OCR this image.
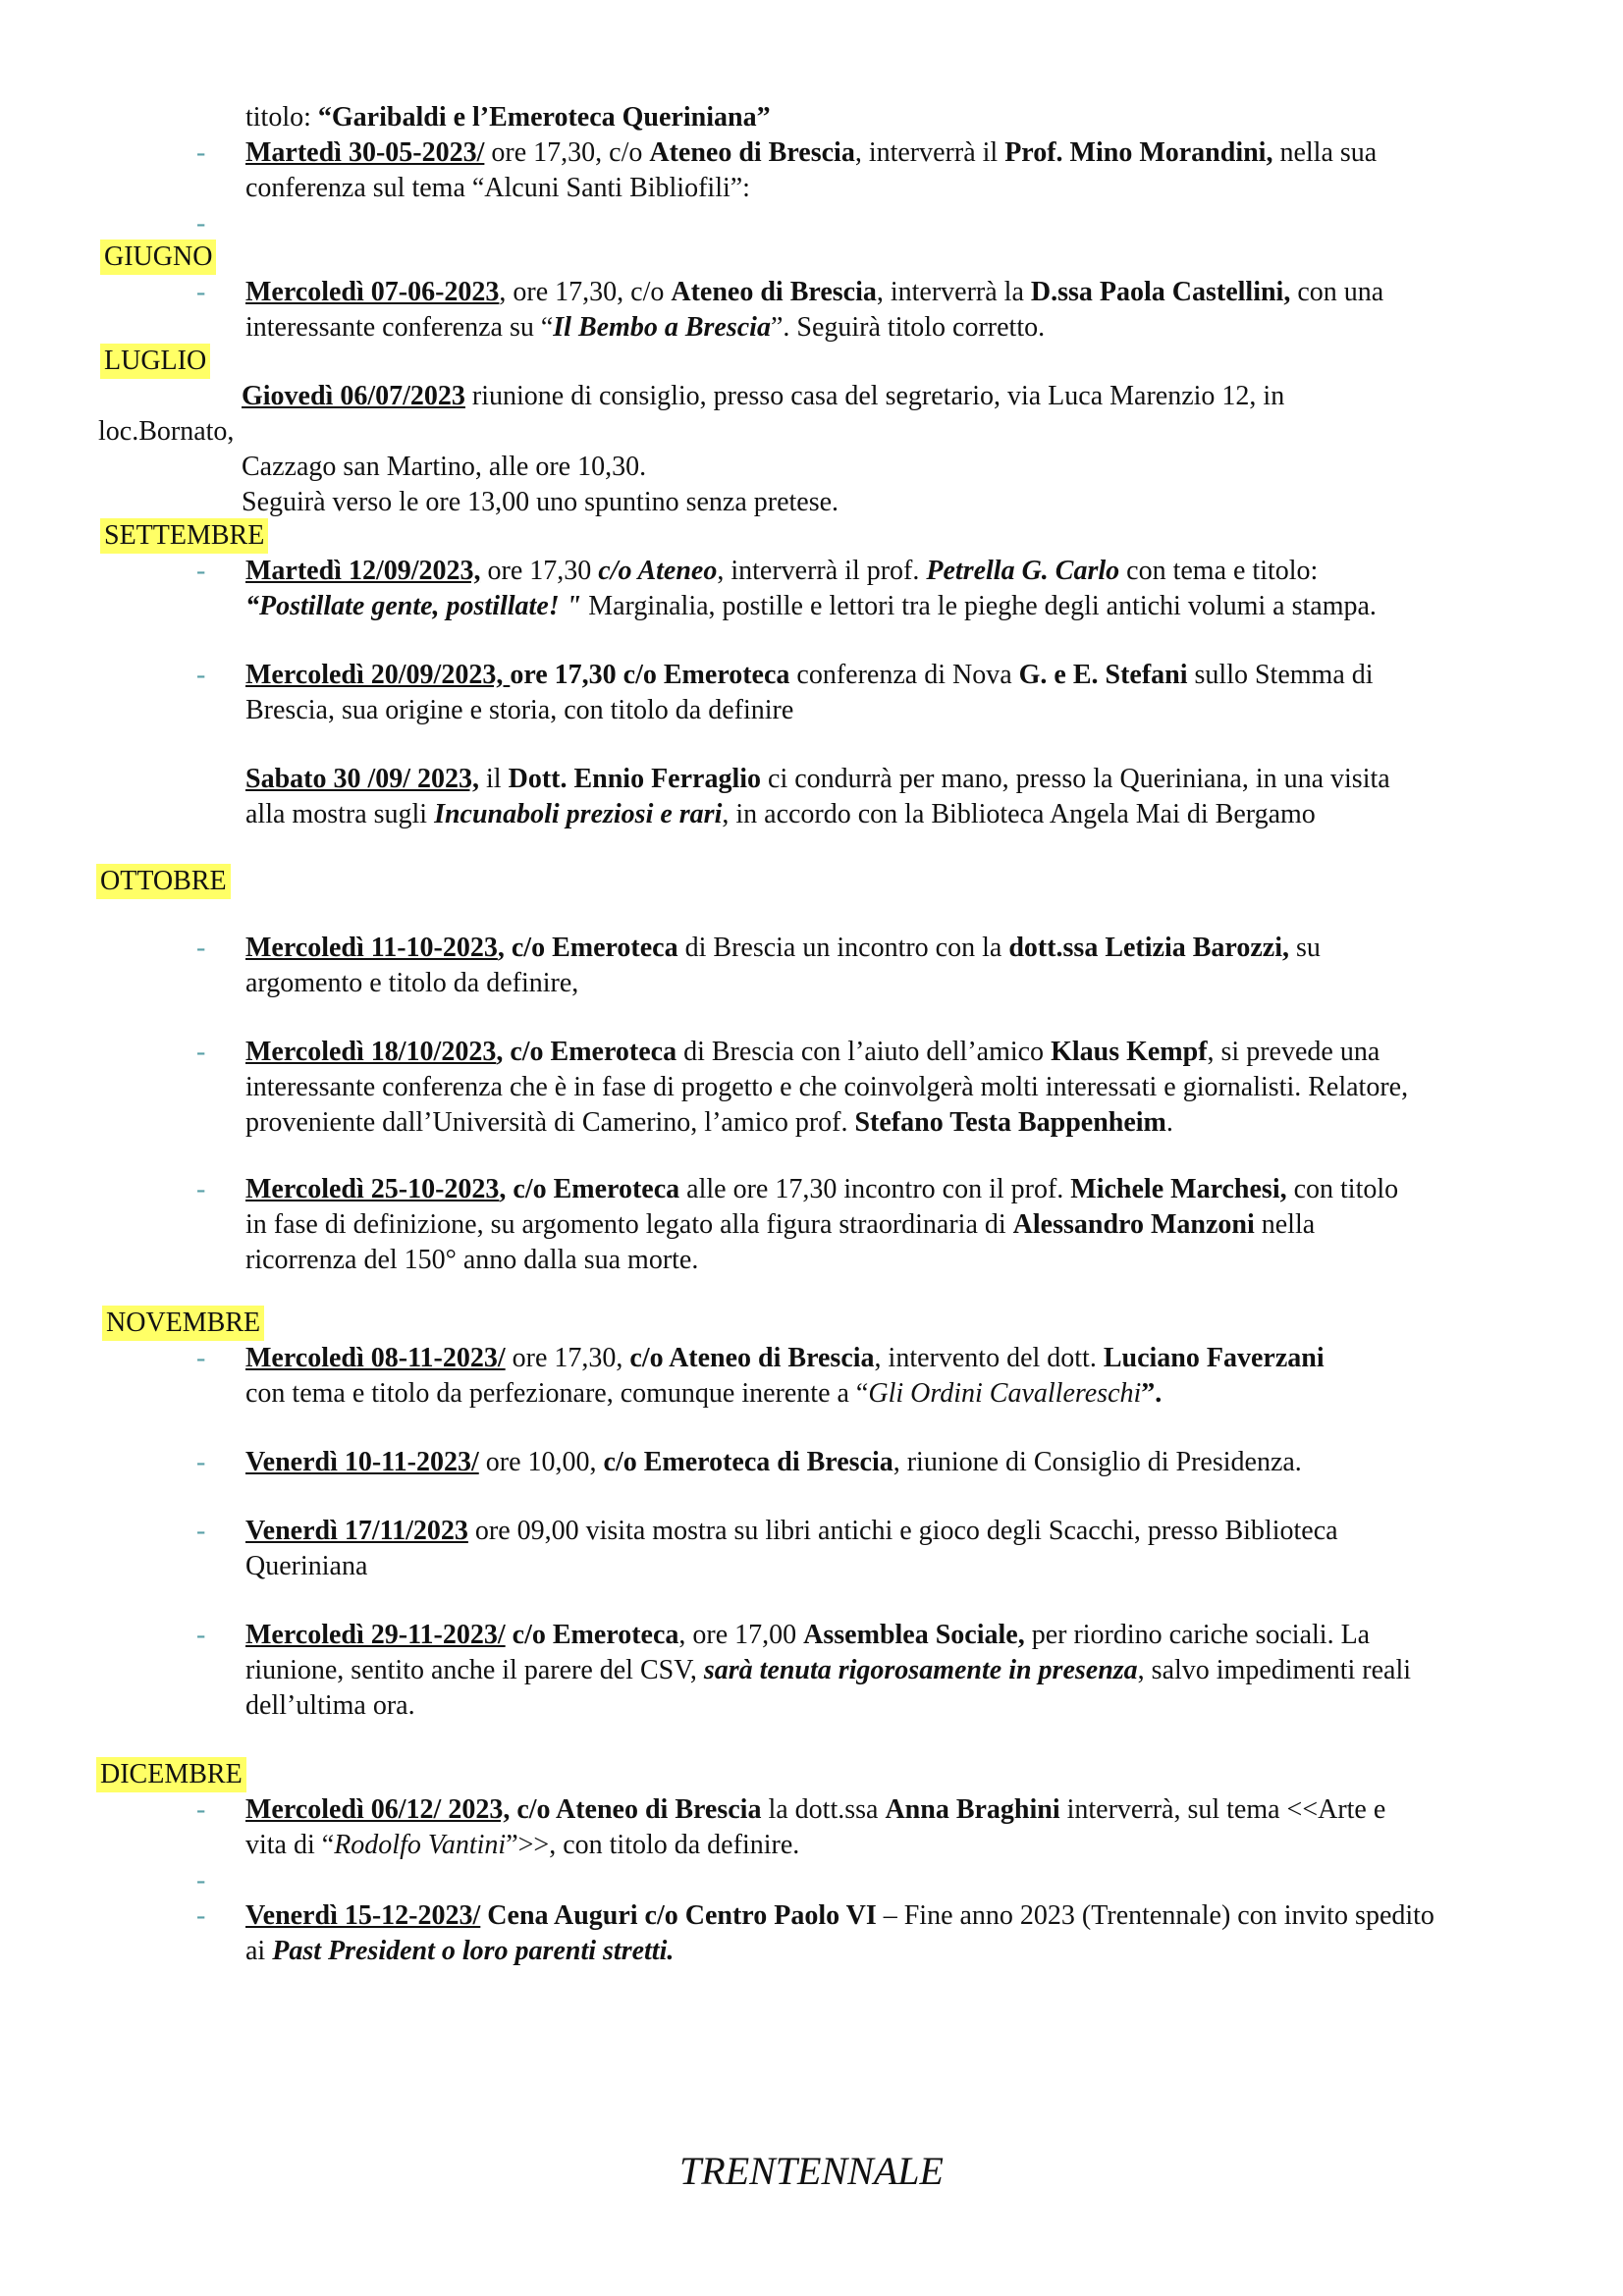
titolo: “Garibaldi e l’Emeroteca Queriniana”
- Martedì 30-05-2023/ ore 17,30, c/o Ateneo di Brescia, interverrà il Prof. Mino Morandini, nella sua
conferenza sul tema “Alcuni Santi Bibliofili”:
-
GIUGNO
- Mercoledì 07-06-2023, ore 17,30, c/o Ateneo di Brescia, interverrà la D.ssa Paola Castellini, con una
interessante conferenza su “Il Bembo a Brescia”. Seguirà titolo corretto.
LUGLIO
Giovedì 06/07/2023 riunione di consiglio, presso casa del segretario, via Luca Marenzio 12, in
loc.Bornato,
Cazzago san Martino, alle ore 10,30.
Seguirà verso le ore 13,00 uno spuntino senza pretese.
SETTEMBRE
- Martedì 12/09/2023, ore 17,30 c/o Ateneo, interverrà il prof. Petrella G. Carlo con tema e titolo:
“Postillate gente, postillate! " Marginalia, postille e lettori tra le pieghe degli antichi volumi a stampa.
- Mercoledì 20/09/2023, ore 17,30 c/o Emeroteca conferenza di Nova G. e E. Stefani sullo Stemma di
Brescia, sua origine e storia, con titolo da definire
Sabato 30 /09/ 2023, il Dott. Ennio Ferraglio ci condurrà per mano, presso la Queriniana, in una visita
alla mostra sugli Incunaboli preziosi e rari, in accordo con la Biblioteca Angela Mai di Bergamo
OTTOBRE
- Mercoledì 11-10-2023, c/o Emeroteca di Brescia un incontro con la dott.ssa Letizia Barozzi, su
argomento e titolo da definire,
- Mercoledì 18/10/2023, c/o Emeroteca di Brescia con l’aiuto dell’amico Klaus Kempf, si prevede una
interessante conferenza che è in fase di progetto e che coinvolgerà molti interessati e giornalisti. Relatore,
proveniente dall’Università di Camerino, l’amico prof. Stefano Testa Bappenheim.
- Mercoledì 25-10-2023, c/o Emeroteca alle ore 17,30 incontro con il prof. Michele Marchesi, con titolo
in fase di definizione, su argomento legato alla figura straordinaria di Alessandro Manzoni nella
ricorrenza del 150° anno dalla sua morte.
NOVEMBRE
- Mercoledì 08-11-2023/ ore 17,30, c/o Ateneo di Brescia, intervento del dott. Luciano Faverzani
con tema e titolo da perfezionare, comunque inerente a “Gli Ordini Cavallereschi”.
- Venerdì 10-11-2023/ ore 10,00, c/o Emeroteca di Brescia, riunione di Consiglio di Presidenza.
- Venerdì 17/11/2023 ore 09,00 visita mostra su libri antichi e gioco degli Scacchi, presso Biblioteca
Queriniana
- Mercoledì 29-11-2023/ c/o Emeroteca, ore 17,00 Assemblea Sociale, per riordino cariche sociali. La
riunione, sentito anche il parere del CSV, sarà tenuta rigorosamente in presenza, salvo impedimenti reali
dell’ultima ora.
DICEMBRE
- Mercoledì 06/12/ 2023, c/o Ateneo di Brescia la dott.ssa Anna Braghini interverrà, sul tema <<Arte e
vita di “Rodolfo Vantini”>>, con titolo da definire.
-
- Venerdì 15-12-2023/ Cena Auguri c/o Centro Paolo VI – Fine anno 2023 (Trentennale) con invito spedito
ai Past President o loro parenti stretti.
TRENTENNALE
